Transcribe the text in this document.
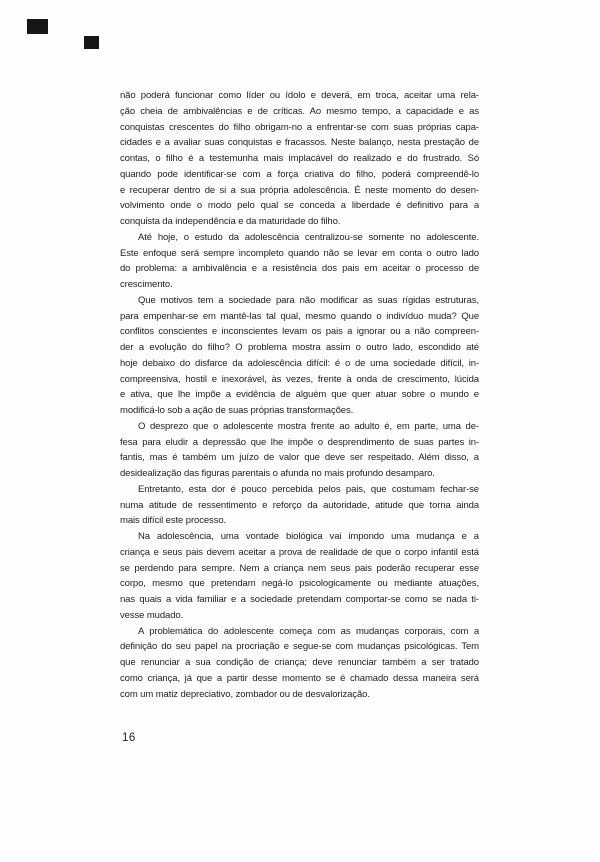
não poderá funcionar como líder ou ídolo e deverá, em troca, aceitar uma rela-
ção cheia de ambivalências e de críticas. Ao mesmo tempo, a capacidade e as
conquistas crescentes do filho obrigam-no a enfrentar-se com suas próprias capa-
cidades e a avaliar suas conquistas e fracassos. Neste balanço, nesta prestação de
contas, o filho é a testemunha mais implacável do realizado e do frustrado. Só
quando pode identificar-se com a força criativa do filho, poderá compreendê-lo
e recuperar dentro de si a sua própria adolescência. É neste momento do desen-
volvimento onde o modo pelo qual se conceda a liberdade é definitivo para a
conquista da independência e da maturidade do filho.
Até hoje, o estudo da adolescência centralizou-se somente no adolescente.
Este enfoque será sempre incompleto quando não se levar em conta o outro lado
do problema: a ambivalência e a resistência dos pais em aceitar o processo de
crescimento.
Que motivos tem a sociedade para não modificar as suas rígidas estruturas,
para empenhar-se em mantê-las tal qual, mesmo quando o indivíduo muda? Que
conflitos conscientes e inconscientes levam os pais a ignorar ou a não compreen-
der a evolução do filho? O problema mostra assim o outro lado, escondido até
hoje debaixo do disfarce da adolescência difícil: é o de uma sociedade difícil, in-
compreensiva, hostil e inexorável, às vezes, frente à onda de crescimento, lúcida
e ativa, que lhe impõe a evidência de alguém que quer atuar sobre o mundo e
modificá-lo sob a ação de suas próprias transformações.
O desprezo que o adolescente mostra frente ao adulto é, em parte, uma de-
fesa para eludir a depressão que lhe impõe o desprendimento de suas partes in-
fantis, mas é também um juízo de valor que deve ser respeitado. Além disso, a
desidealização das figuras parentais o afunda no mais profundo desamparo.
Entretanto, esta dor é pouco percebida pelos pais, que costumam fechar-se
numa atitude de ressentimento e reforço da autoridade, atitude que torna ainda
mais difícil este processo.
Na adolescência, uma vontade biológica vai impondo uma mudança e a
criança e seus pais devem aceitar a prova de realidade de que o corpo infantil está
se perdendo para sempre. Nem a criança nem seus pais poderão recuperar esse
corpo, mesmo que pretendam negá-lo psicologicamente ou mediante atuações,
nas quais a vida familiar e a sociedade pretendam comportar-se como se nada ti-
vesse mudado.
A problemática do adolescente começa com as mudanças corporais, com a
definição do seu papel na procriação e segue-se com mudanças psicológicas. Tem
que renunciar a sua condição de criança; deve renunciar também a ser tratado
como criança, já que a partir desse momento se é chamado dessa maneira será
com um matiz depreciativo, zombador ou de desvalorização.
16
